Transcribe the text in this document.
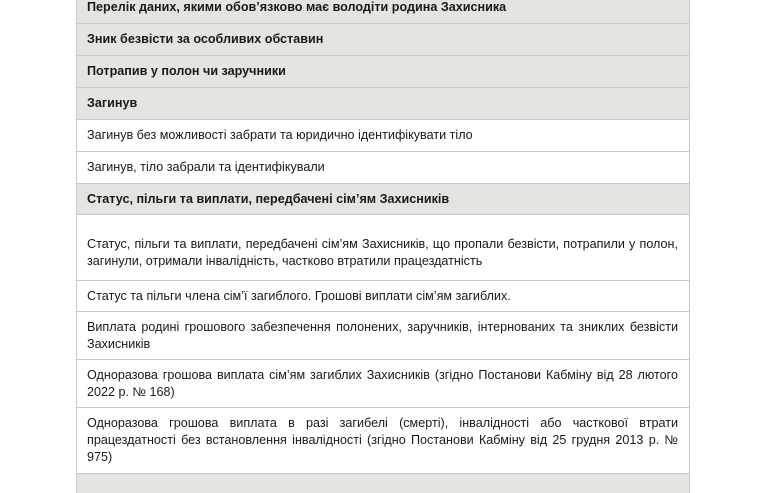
Перелік даних, якими обов’язково має володіти родина Захисника
Зник безвісти за особливих обставин
Потрапив у полон чи заручники
Загинув
Загинув без можливості забрати та юридично ідентифікувати тіло
Загинув, тіло забрали та ідентифікували
Статус, пільги та виплати, передбачені сім’ям Захисників
Статус, пільги та виплати, передбачені сім’ям Захисників, що пропали безвісти, потрапили у полон, загинули, отримали інвалідність, частково втратили працездатність
Статус та пільги члена сім’ї загиблого. Грошові виплати сім’ям загиблих.
Виплата родині грошового забезпечення полонених, заручників, інтернованих та зниклих безвісти Захисників
Одноразова грошова виплата сім’ям загиблих Захисників (згідно Постанови Кабміну від 28 лютого 2022 р. № 168)
Одноразова грошова виплата в разі загибелі (смерті), інвалідності або часткової втрати працездатності без встановлення інвалідності (згідно Постанови Кабміну від 25 грудня 2013 р. № 975)
